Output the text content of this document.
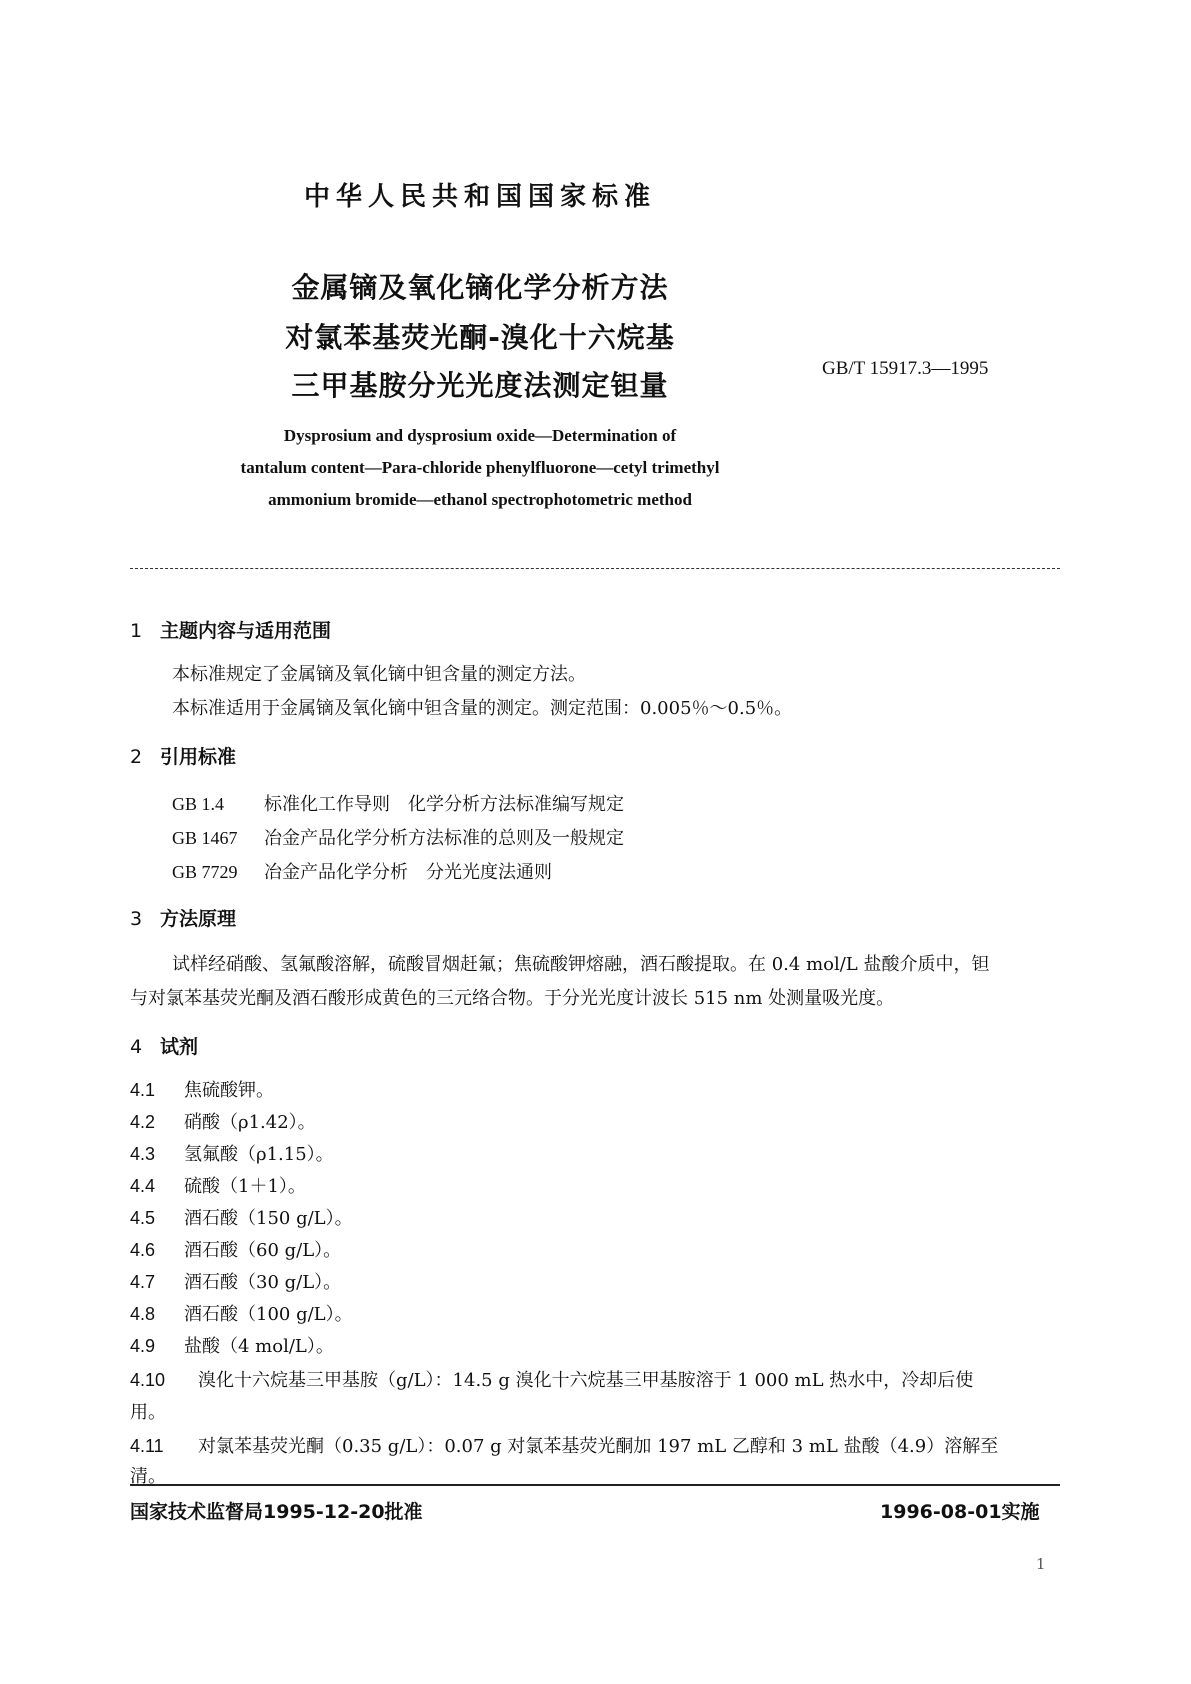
中华人民共和国国家标准
金属镝及氧化镝化学分析方法
对氯苯基荧光酮-溴化十六烷基
三甲基胺分光光度法测定钽量
GB/T 15917.3—1995
Dysprosium and dysprosium oxide—Determination of
tantalum content—Para-chloride phenylfluorone—cetyl trimethyl
ammonium bromide—ethanol spectrophotometric method
1 主题内容与适用范围
本标准规定了金属镝及氧化镝中钽含量的测定方法。
本标准适用于金属镝及氧化镝中钽含量的测定。测定范围：0.005％～0.5％。
2 引用标准
GB 1.4 标准化工作导则　化学分析方法标准编写规定
GB 1467 冶金产品化学分析方法标准的总则及一般规定
GB 7729 冶金产品化学分析　分光光度法通则
3 方法原理
试样经硝酸、氢氟酸溶解，硫酸冒烟赶氟；焦硫酸钾熔融，酒石酸提取。在 0.4 mol/L 盐酸介质中，钽
与对氯苯基荧光酮及酒石酸形成黄色的三元络合物。于分光光度计波长 515 nm 处测量吸光度。
4 试剂
4.1 焦硫酸钾。
4.2 硝酸（ρ1.42）。
4.3 氢氟酸（ρ1.15）。
4.4 硫酸（1＋1）。
4.5 酒石酸（150 g/L）。
4.6 酒石酸（60 g/L）。
4.7 酒石酸（30 g/L）。
4.8 酒石酸（100 g/L）。
4.9 盐酸（4 mol/L）。
4.10 溴化十六烷基三甲基胺（g/L）：14.5 g 溴化十六烷基三甲基胺溶于 1 000 mL 热水中，冷却后使
用。
4.11 对氯苯基荧光酮（0.35 g/L）：0.07 g 对氯苯基荧光酮加 197 mL 乙醇和 3 mL 盐酸（4.9）溶解至
清。
国家技术监督局1995-12-20批准	1996-08-01实施
1
